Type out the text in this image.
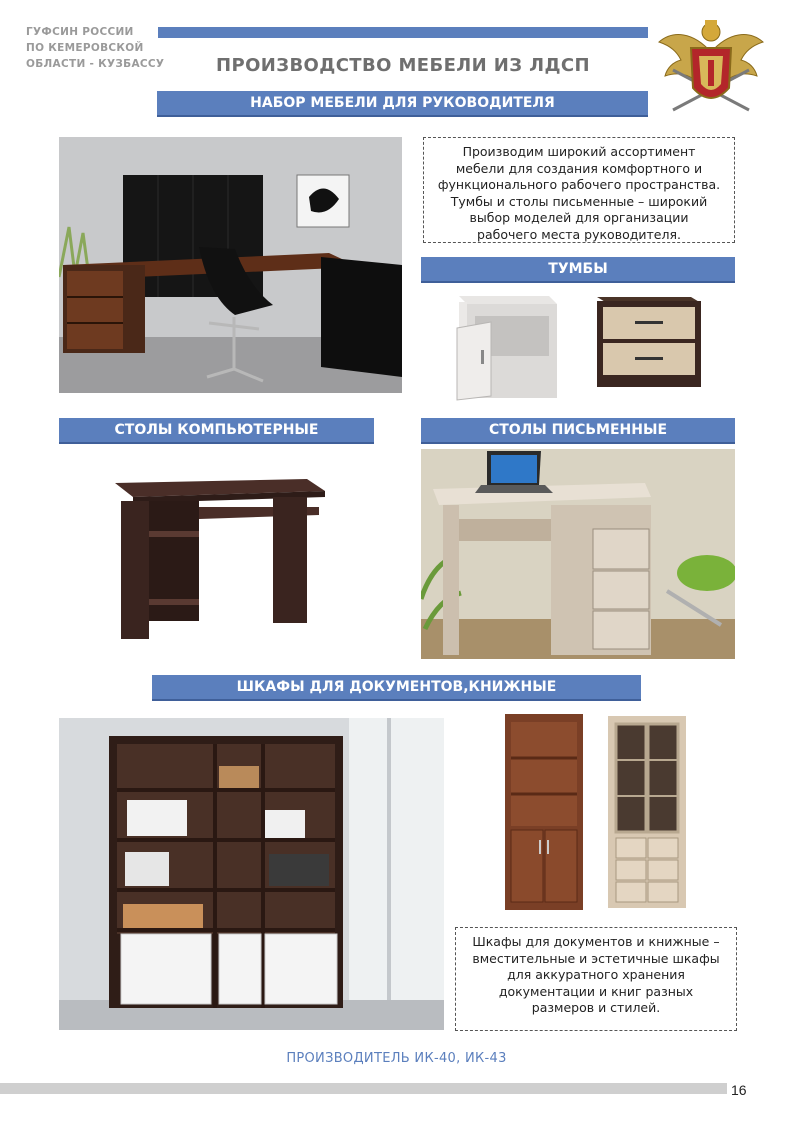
ГУФСИН РОССИИ
ПО КЕМЕРОВСКОЙ
ОБЛАСТИ - КУЗБАССУ	ПРОИЗВОДСТВО МЕБЕЛИ ИЗ ЛДСП
НАБОР МЕБЕЛИ ДЛЯ РУКОВОДИТЕЛЯ
ТУМБЫ
СТОЛЫ КОМПЬЮТЕРНЫЕ	СТОЛЫ ПИСЬМЕННЫЕ
ШКАФЫ ДЛЯ ДОКУМЕНТОВ,КНИЖНЫЕ
Производим широкий ассортимент
мебели для создания комфортного и
функционального рабочего пространства.
Тумбы и столы письменные – широкий
выбор моделей для организации
рабочего места руководителя.
Шкафы для документов и книжные –
вместительные и эстетичные шкафы
для аккуратного хранения
документации и книг разных
размеров и стилей.
ПРОИЗВОДИТЕЛЬ ИК-40, ИК-43
16
